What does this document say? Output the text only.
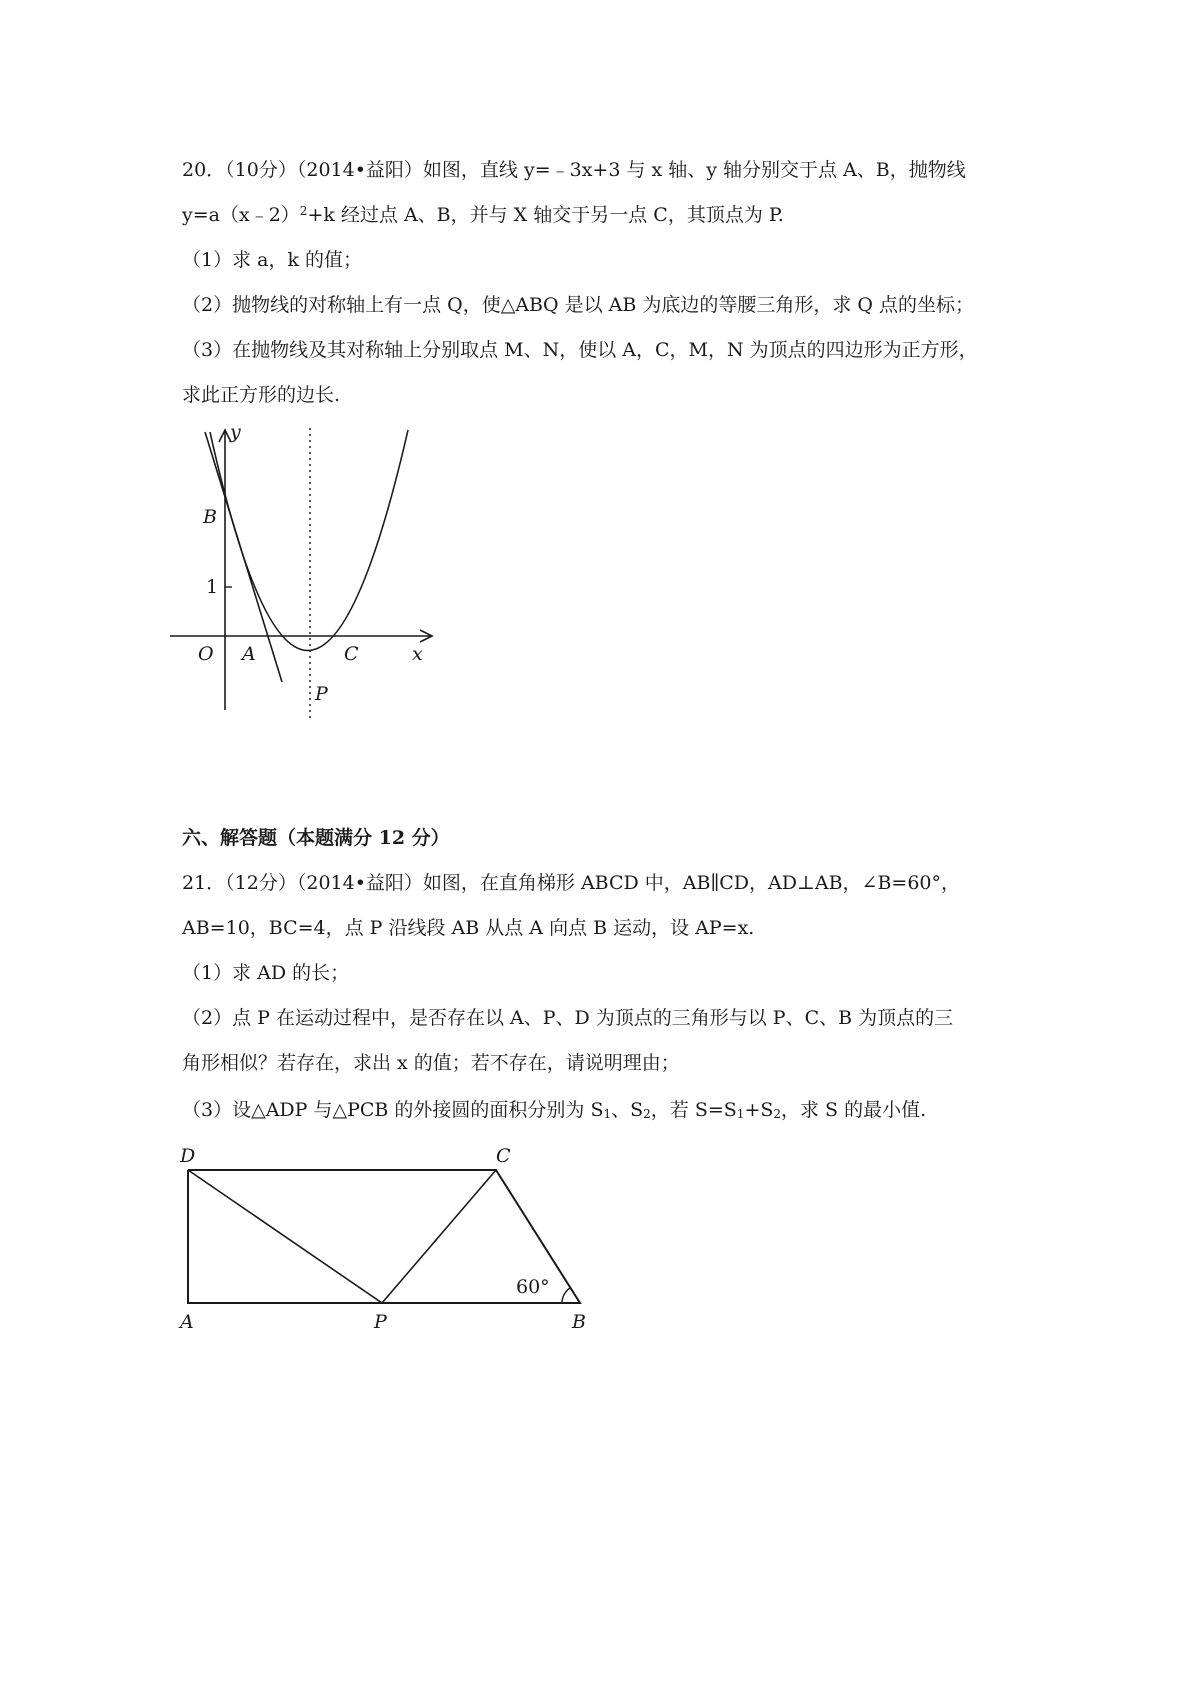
20．（10分）（2014•益阳）如图，直线 y=﹣3x+3 与 x 轴、y 轴分别交于点 A、B，抛物线
y=a（x﹣2）$^2$+k 经过点 A、B，并与 X 轴交于另一点 C，其顶点为 P.
（1）求 a，k 的值；
（2）抛物线的对称轴上有一点 Q，使△ABQ 是以 AB 为底边的等腰三角形，求 Q 点的坐标；
（3）在抛物线及其对称轴上分别取点 M、N，使以 A，C，M，N 为顶点的四边形为正方形，
求此正方形的边长.
y
x
B
1
O A	C
P
六、解答题（本题满分 12 分）
21．（12分）（2014•益阳）如图，在直角梯形 ABCD 中，AB∥CD，AD⊥AB，∠B=60°，
AB=10，BC=4，点 P 沿线段 AB 从点 A 向点 B 运动，设 AP=x.
（1）求 AD 的长；
（2）点 P 在运动过程中，是否存在以 A、P、D 为顶点的三角形与以 P、C、B 为顶点的三
角形相似？若存在，求出 x 的值；若不存在，请说明理由；
（3）设△ADP 与△PCB 的外接圆的面积分别为 $S_1$、$S_2$，若 $S=S_1+S_2$，求 S 的最小值.
D	C
A	P	B
60°
